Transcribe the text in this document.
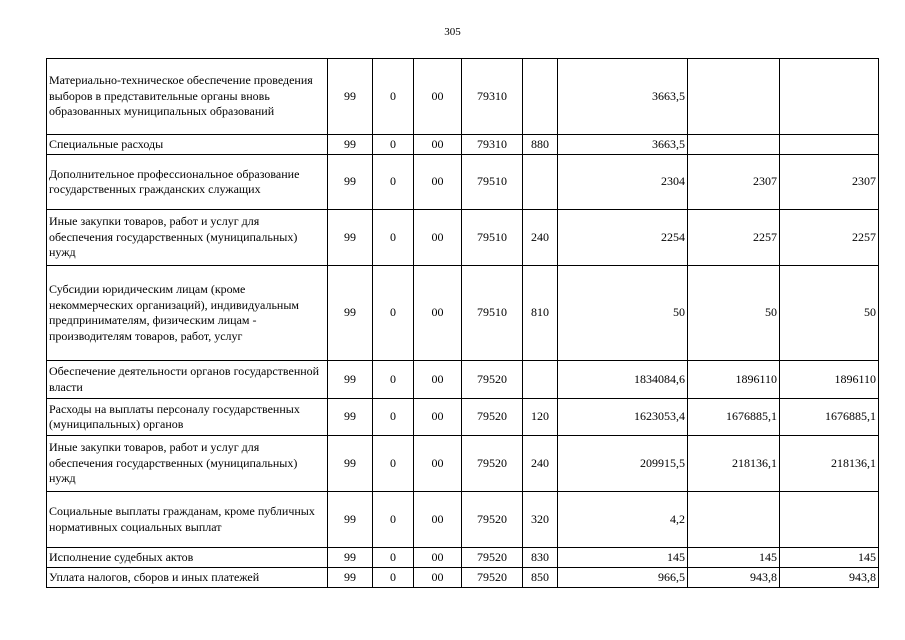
305
Материально-техническое обеспечение проведения выборов в представительные органы вновь образованных муниципальных образований	99	0	00	79310		3663,5		
Специальные расходы	99	0	00	79310	880	3663,5		
Дополнительное профессиональное образование государственных гражданских служащих	99	0	00	79510		2304	2307	2307
Иные закупки товаров, работ и услуг для обеспечения государственных (муниципальных) нужд	99	0	00	79510	240	2254	2257	2257
Субсидии юридическим лицам (кроме некоммерческих организаций), индивидуальным предпринимателям, физическим лицам - производителям товаров, работ, услуг	99	0	00	79510	810	50	50	50
Обеспечение деятельности органов государственной власти	99	0	00	79520		1834084,6	1896110	1896110
Расходы на выплаты персоналу государственных (муниципальных) органов	99	0	00	79520	120	1623053,4	1676885,1	1676885,1
Иные закупки товаров, работ и услуг для обеспечения государственных (муниципальных) нужд	99	0	00	79520	240	209915,5	218136,1	218136,1
Социальные выплаты гражданам, кроме публичных нормативных социальных выплат	99	0	00	79520	320	4,2		
Исполнение судебных актов	99	0	00	79520	830	145	145	145
Уплата налогов, сборов и иных платежей	99	0	00	79520	850	966,5	943,8	943,8
